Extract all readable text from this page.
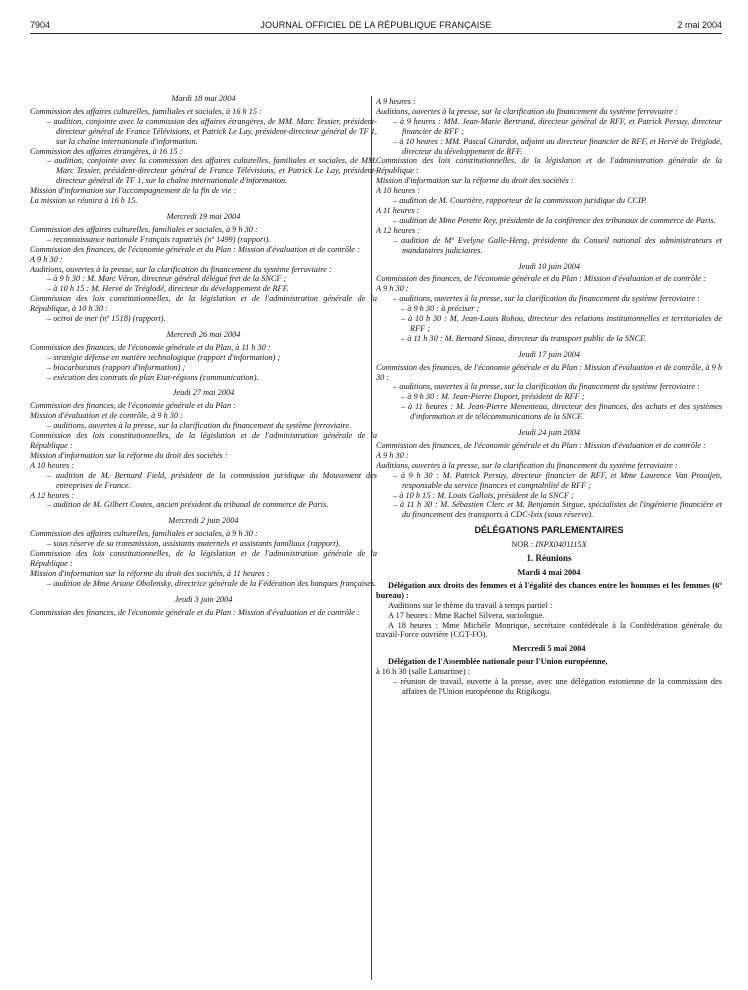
7904	JOURNAL OFFICIEL DE LA RÉPUBLIQUE FRANÇAISE	2 mai 2004
Mardi 18 mai 2004

Commission des affaires culturelles, familiales et sociales, à 16 h 15 :

– audition, conjointe avec la commission des affaires étrangères, de MM. Marc Tessier, président-directeur général de France Télévisions, et Patrick Le Lay, président-directeur général de TF 1, sur la chaîne internationale d'information.

Commission des affaires étrangères, à 16 15 :

– audition, conjointe avec la commission des affaires culturelles, familiales et sociales, de MM. Marc Tessier, président-directeur général de France Télévisions, et Patrick Le Lay, président-directeur général de TF 1, sur la chaîne internationale d'information.

Mission d'information sur l'accompagnement de la fin de vie :

La mission se réunira à 16 h 15.

Mercredi 19 mai 2004

Commission des affaires culturelles, familiales et sociales, à 9 h 30 :

– reconnaissance nationale Français rapatriés (nº 1499) (rapport).

Commission des finances, de l'économie générale et du Plan : Mission d'évaluation et de contrôle :

A 9 h 30 :

Auditions, ouvertes à la presse, sur la clarification du financement du système ferroviaire :

– à 9 h 30 : M. Marc Véron, directeur général délégué fret de la SNCF ;

– à 10 h 15 : M. Hervé de Tréglodé, directeur du développement de RFF.

Commission des lois constitutionnelles, de la législation et de l'administration générale de la République, à 10 h 30 :

– octroi de mer (nº 1518) (rapport).

Mercredi 26 mai 2004

Commission des finances, de l'économie générale et du Plan, à 11 h 30 :

– stratégie défense en matière technologique (rapport d'information) ;

– biocarburants (rapport d'information) ;

– exécution des contrats de plan Etat-régions (communication).

Jeudi 27 mai 2004

Commission des finances, de l'économie générale et du Plan :

Mission d'évaluation et de contrôle, à 9 h 30 :

– auditions, ouvertes à la presse, sur la clarification du financement du système ferroviaire.

Commission des lois constitutionnelles, de la législation et de l'administration générale de la République :

Mission d'information sur la réforme du droit des sociétés :

A 10 heures :

– audition de M. Bernard Field, président de la commission juridique du Mouvement des entreprises de France.

A 12 heures :

– audition de M. Gilbert Costes, ancien président du tribunal de commerce de Paris.

Mercredi 2 juin 2004

Commission des affaires culturelles, familiales et sociales, à 9 h 30 :

– sous réserve de sa transmission, assistants maternels et assistants familiaux (rapport).

Commission des lois constitutionnelles, de la législation et de l'administration générale de la République :

Mission d'information sur la réforme du droit des sociétés, à 11 heures :

– audition de Mme Ariane Obolensky, directrice générale de la Fédération des banques françaises.

Jeudi 3 juin 2004

Commission des finances, de l'économie générale et du Plan : Mission d'évaluation et de contrôle :

A 9 heures :

Auditions, ouvertes à la presse, sur la clarification du financement du système ferroviaire :

– à 9 heures : MM. Jean-Marie Bertrand, directeur général de RFF, et Patrick Persuy, directeur financier de RFF ;

– à 10 heures : MM. Pascal Gitardot, adjoint au directeur financier de RFF, et Hervé de Tréglodé, directeur du développement de RFF.

Commission des lois constitutionnelles, de la législation et de l'administration générale de la République :

Mission d'information sur la réforme du droit des sociétés :

A 10 heures :

– audition de M. Courtière, rapporteur de la commission juridique du CCIP.

A 11 heures :

– audition de Mme Perette Rey, présidente de la conférence des tribunaux de commerce de Paris.

A 12 heures :

– audition de Mº Evelyne Galle-Heng, présidente du Conseil national des administrateurs et mandataires judiciaires.

Jeudi 10 juin 2004

Commission des finances, de l'économie générale et du Plan : Mission d'évaluation et de contrôle :

A 9 h 30 :

– auditions, ouvertes à la presse, sur la clarification du financement du système ferroviaire :

– à 9 h 30 : à préciser ;

– à 10 h 30 : M. Jean-Louis Rohou, directeur des relations institutionnelles et territoriales de RFF ;

– à 11 h 30 : M. Bernard Sinou, directeur du transport public de la SNCF.

Jeudi 17 juin 2004

Commission des finances, de l'économie générale et du Plan : Mission d'évaluation et de contrôle, à 9 h 30 :

– auditions, ouvertes à la presse, sur la clarification du financement du système ferroviaire :

– à 9 h 30 : M. Jean-Pierre Duport, président de RFF ;

– à 11 heures : M. Jean-Pierre Menenteau, directeur des finances, des achats et des systèmes d'information et de télécommunications de la SNCF.

Jeudi 24 juin 2004

Commission des finances, de l'économie générale et du Plan : Mission d'évaluation et de contrôle :

A 9 h 30 :

Auditions, ouvertes à la presse, sur la clarification du financement du système ferroviaire :

– à 9 h 30 : M. Patrick Persuy, directeur financier de RFF, et Mme Laurence Van Prooijen, responsable du service finances et comptabilité de RFF ;

– à 10 h 15 : M. Louis Gallois, président de la SNCF ;

– à 11 h 30 : M. Sébastien Clerc et M. Benjamin Sirgue, spécialistes de l'ingénierie financière et du financement des transports à CDC-Ixis (sous réserve).

DÉLÉGATIONS PARLEMENTAIRES
NOR : INPX0401115X
1. Réunions
Mardi 4 mai 2004

Délégation aux droits des femmes et à l'égalité des chances entre les hommes et les femmes (6º bureau) :

Auditions sur le thème du travail à temps partiel :

A 17 heures : Mme Rachel Silvera, sociologue.

A 18 heures : Mme Michèle Monrique, secrétaire confédérale à la Confédération générale du travail-Force ouvrière (CGT-FO).

Mercredi 5 mai 2004

Délégation de l'Assemblée nationale pour l'Union européenne,

à 16 h 30 (salle Lamartine) :

– réunion de travail, ouverte à la presse, avec une délégation estonienne de la commission des affaires de l'Union européenne du Riigikogu.
